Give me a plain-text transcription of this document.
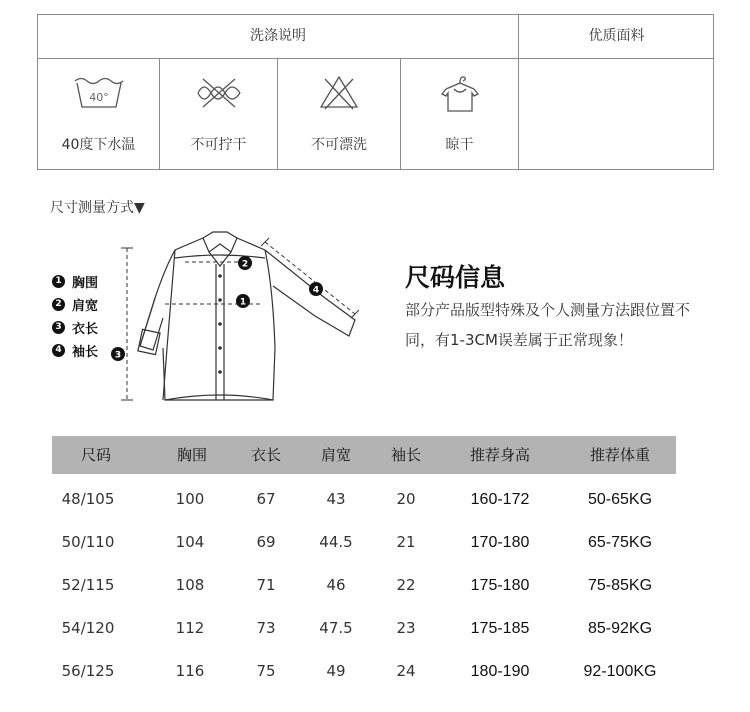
洗涤说明	优质面料
40°
40度下水温	不可拧干	不可漂洗	晾干
尺寸测量方式▼
1 胸围
2 肩宽
3 衣长
4 袖长
1
2
3
4	尺码信息
部分产品版型特殊及个人测量方法跟位置不同，有1-3CM误差属于正常现象！
尺码	胸围	衣长	肩宽	袖长	推荐身高	推荐体重
48/105	100	67	43	20	160-172	50-65KG
50/110	104	69	44.5	21	170-180	65-75KG
52/115	108	71	46	22	175-180	75-85KG
54/120	112	73	47.5	23	175-185	85-92KG
56/125	116	75	49	24	180-190	92-100KG
